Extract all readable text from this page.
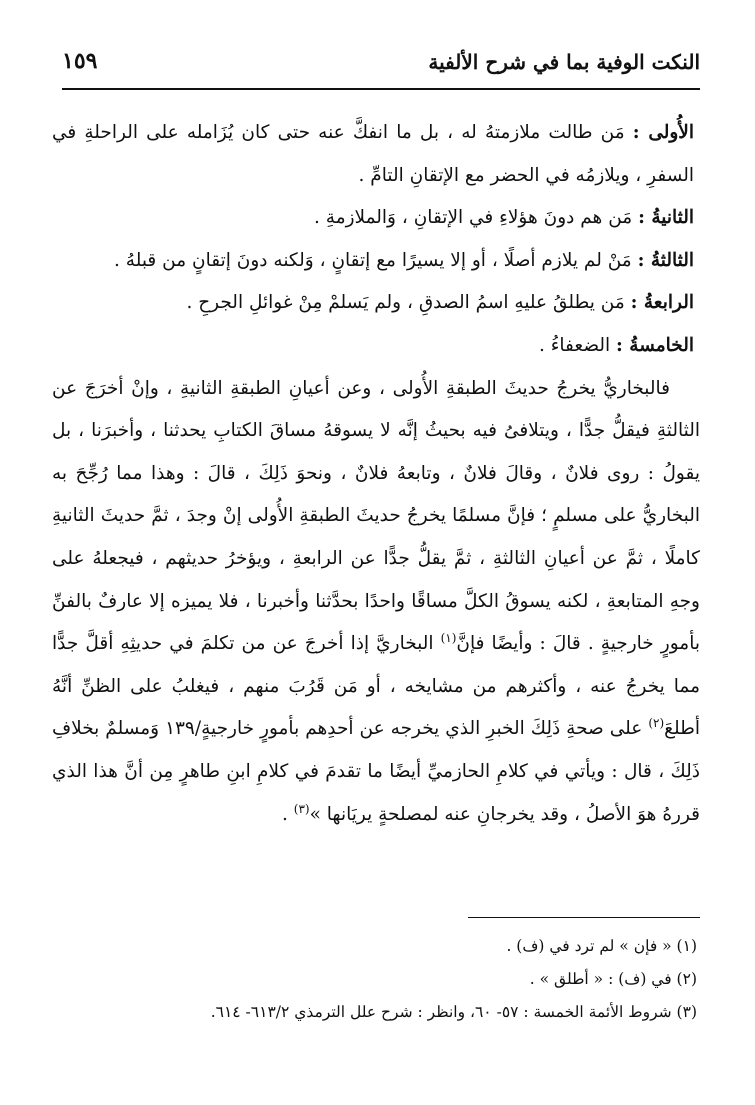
النكت الوفية بما في شرح الألفية
١٥٩

الأُولى : مَن طالت ملازمتهُ له ، بل ما انفكَّ عنه حتى كان يُزَامله على الراحلةِ في السفرِ ، ويلازمُه في الحضر مع الإتقانِ التامِّ .

الثانيةُ : مَن هم دونَ هؤلاءِ في الإتقانِ ، وَالملازمةِ .

الثالثةُ : مَنْ لم يلازم أصلًا ، أو إلا يسيرًا مع إتقانٍ ، وَلكنه دونَ إتقانٍ من قبلهُ .

الرابعةُ : مَن يطلقُ عليهِ اسمُ الصدقِ ، ولم يَسلمْ مِنْ غوائلِ الجرحِ .

الخامسةُ : الضعفاءُ .

فالبخاريُّ يخرجُ حديثَ الطبقةِ الأُولى ، وعن أعيانِ الطبقةِ الثانيةِ ، وإنْ أخرَجَ عن الثالثةِ فيقلُّ جدًّا ، ويتلافىُ فيه بحيثُ إنَّه لا يسوقهُ مساقَ الكتابِ يحدثنا ، وأخبرَنا ، بل يقولُ : روى فلانٌ ، وقالَ فلانٌ ، وتابعهُ فلانٌ ، ونحوَ ذَلِكَ ، قالَ : وهذا مما رُجِّحَ به البخاريُّ على مسلمٍ ؛ فإنَّ مسلمًا يخرجُ حديثَ الطبقةِ الأُولى إنْ وجدَ ، ثمَّ حديثَ الثانيةِ كاملًا ، ثمَّ عن أعيانِ الثالثةِ ، ثمَّ يقلُّ جدًّا عن الرابعةِ ، ويؤخرُ حديثهم ، فيجعلهُ على وجهِ المتابعةِ ، لكنه يسوقُ الكلَّ مساقًا واحدًا بحدَّثنا وأخبرنا ، فلا يميزه إلا عارفٌ بالفنِّ بأمورٍ خارجيةٍ . قالَ : وأيضًا فإنَّ$^{(١)}$ البخاريَّ إذا أخرجَ عن من تكلمَ في حديثِهِ أقلَّ جدًّا مما يخرجُ عنه ، وأكثرهم من مشايخه ، أو مَن قَرُبَ منهم ، فيغلبُ على الظنِّ أنَّهُ أطلعَ$^{(٢)}$ على صحةِ ذَلِكَ الخبرِ الذي يخرجه عن أحدِهم بأمورٍ خارجيةٍ/١٣٩ وَمسلمٌ بخلافِ ذَلِكَ ، قال : ويأتي في كلامِ الحازميِّ أيضًا ما تقدمَ في كلامِ ابنِ طاهرٍ مِن أنَّ هذا الذي قررهُ هوَ الأصلُ ، وقد يخرجانِ عنه لمصلحةٍ يريَانها »$^{(٣)}$ .

(١) « فإن » لم ترد في (ف) .

(٢) في (ف) : « أطلق » .

(٣) شروط الأئمة الخمسة : ٥٧- ٦٠، وانظر : شرح علل الترمذي ٦١٣/٢- ٦١٤.
